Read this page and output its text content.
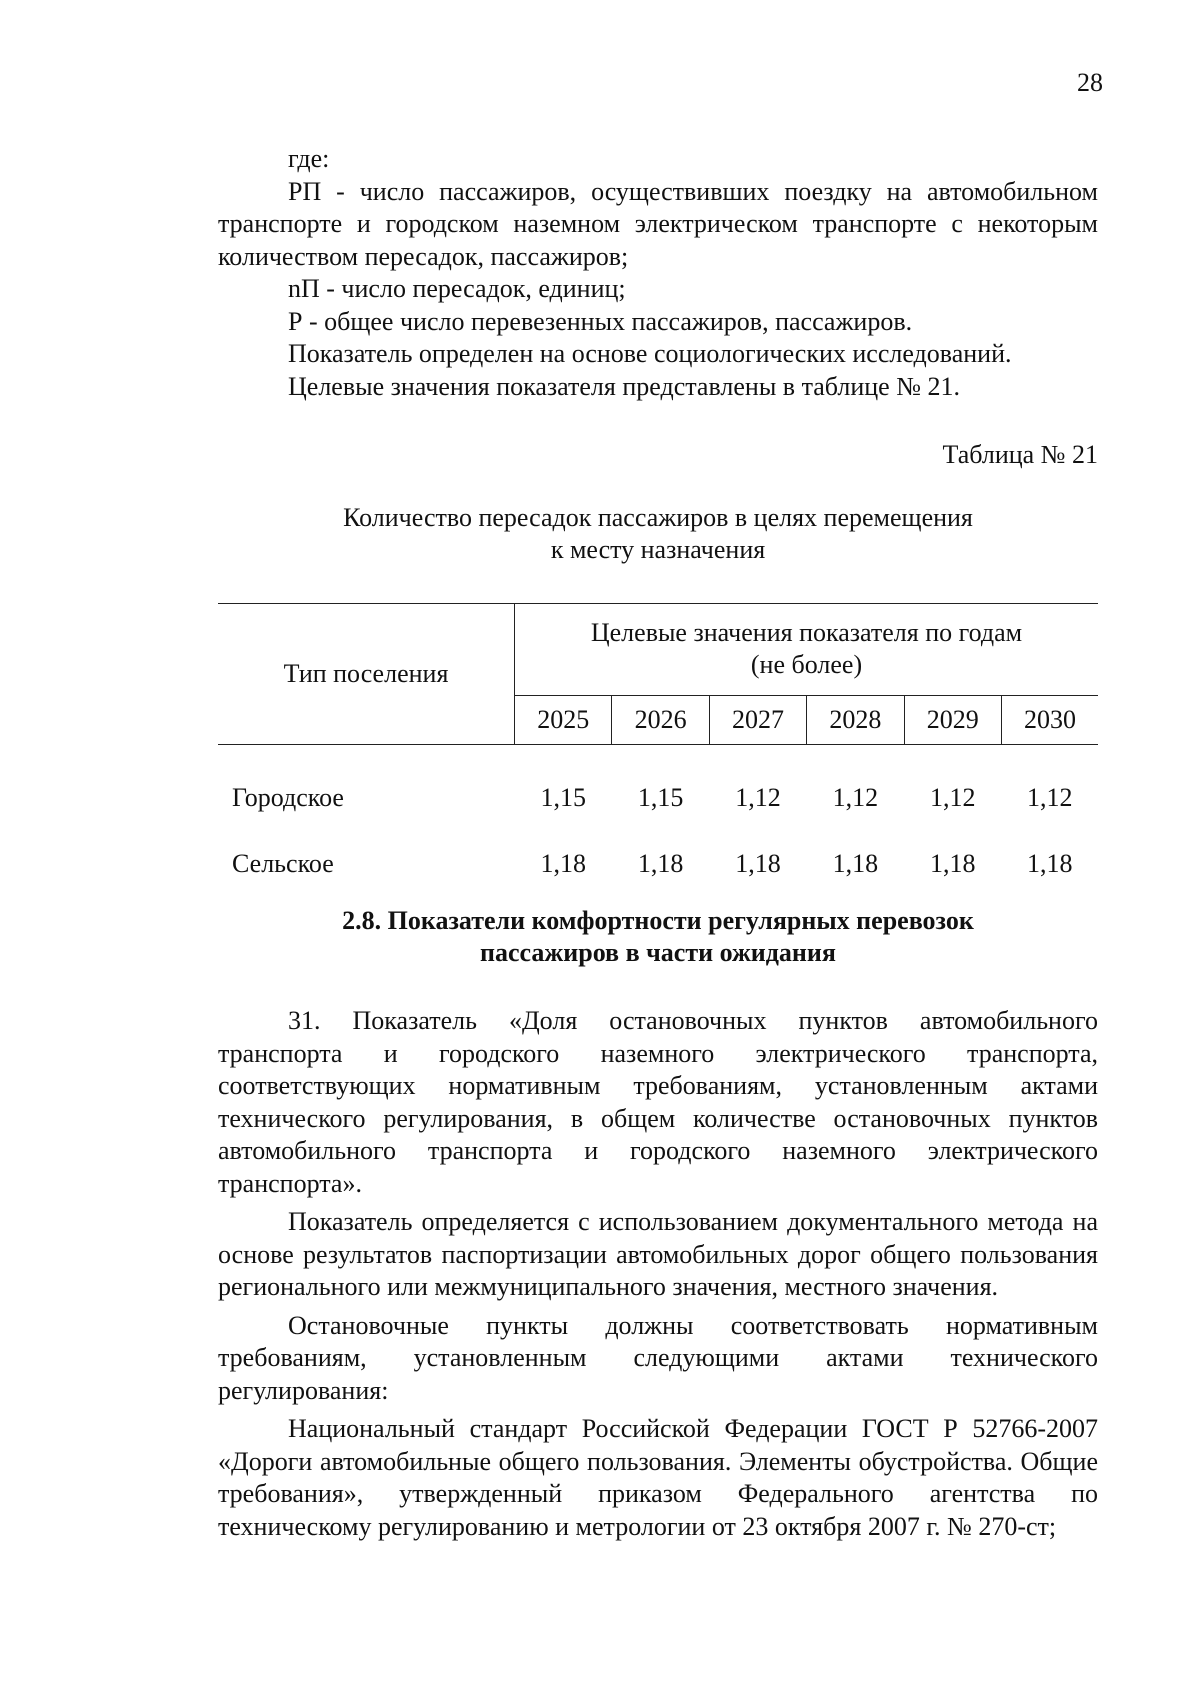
28

где:

РП - число пассажиров, осуществивших поездку на автомобильном транспорте и городском наземном электрическом транспорте с некоторым количеством пересадок, пассажиров;

nП - число пересадок, единиц;

Р - общее число перевезенных пассажиров, пассажиров.

Показатель определен на основе социологических исследований.

Целевые значения показателя представлены в таблице № 21.

Таблица № 21
Количество пересадок пассажиров в целях перемещения
к месту назначения
Тип поселения	Целевые значения показателя по годам
(не более)					

	2025	2026	2027	2028	2029	2030

Городское	1,15	1,15	1,12	1,12	1,12	1,12
Сельское	1,18	1,18	1,18	1,18	1,18	1,18
2.8. Показатели комфортности регулярных перевозок
пассажиров в части ожидания

31. Показатель «Доля остановочных пунктов автомобильного транспорта и городского наземного электрического транспорта, соответствующих нормативным требованиям, установленным актами технического регулирования, в общем количестве остановочных пунктов автомобильного транспорта и городского наземного электрического транспорта».

Показатель определяется с использованием документального метода на основе результатов паспортизации автомобильных дорог общего пользования регионального или межмуниципального значения, местного значения.

Остановочные пункты должны соответствовать нормативным требованиям, установленным следующими актами технического регулирования:

Национальный стандарт Российской Федерации ГОСТ Р 52766-2007 «Дороги автомобильные общего пользования. Элементы обустройства. Общие требования», утвержденный приказом Федерального агентства по техническому регулированию и метрологии от 23 октября 2007 г. № 270-ст;
